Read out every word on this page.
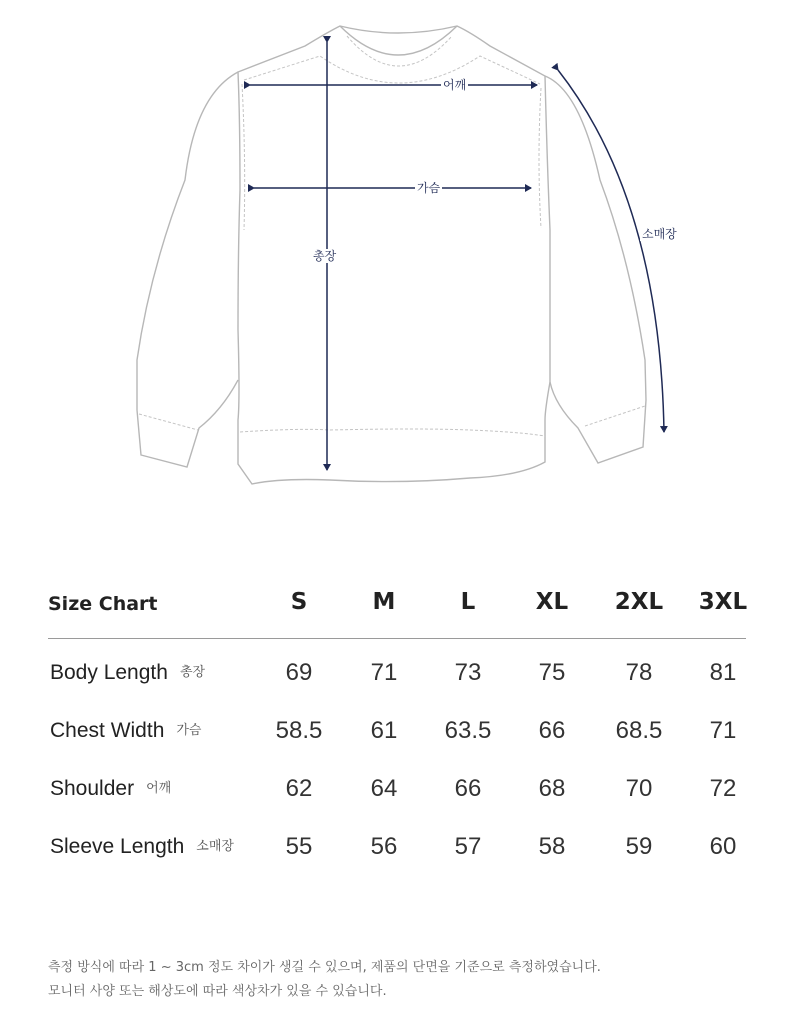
어깨
가슴
총장
소매장
Size Chart	S	M	L	XL	2XL	3XL
Body Length 총장	69	71	73	75	78	81
Chest Width 가슴	58.5	61	63.5	66	68.5	71
Shoulder 어깨	62	64	66	68	70	72
Sleeve Length 소매장	55	56	57	58	59	60
측정 방식에 따라 1 ~ 3cm 정도 차이가 생길 수 있으며, 제품의 단면을 기준으로 측정하였습니다.
모니터 사양 또는 해상도에 따라 색상차가 있을 수 있습니다.
